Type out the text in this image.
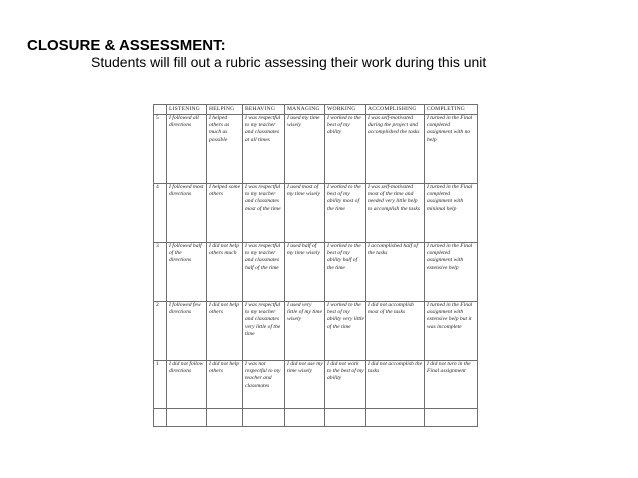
CLOSURE & ASSESSMENT:
Students will fill out a rubric assessing their work during this unit
	LISTENING	HELPING	BEHAVING	MANAGING	WORKING	ACCOMPLISHING	COMPLETING
5	I followed all directions	I helped others as much as possible	I was respectful to my teacher and classmates at all times	I used my time wisely	I worked to the best of my ability	I was self-motivated during the project and accomplished the tasks	I turned in the Final completed assignment with no help
4	I followed most directions	I helped some others	I was respectful to my teacher and classmates most of the time	I used most of my time wisely	I worked to the best of my ability most of the time	I was self-motivated most of the time and needed very little help to accomplish the tasks	I turned in the Final completed assignment with minimal help
3	I followed half of the directions	I did not help others much	I was respectful to my teacher and classmates half of the time	I used half of my time wisely	I worked to the best of my ability half of the time	I accomplished half of the tasks	I turned in the Final completed assignment with extensive help
2	I followed few directions	I did not help others	I was respectful to my teacher and classmates very little of the time	I used very little of my time wisely	I worked to the best of my ability very little of the time	I did not accomplish most of the tasks	I turned in the Final assignment with extensive help but it was incomplete
1	I did not follow directions	I did not help others	I was not respectful to my teacher and classmates	I did not use my time wisely	I did not work to the best of my ability	I did not accomplish the tasks	I did not turn in the Final assignment
